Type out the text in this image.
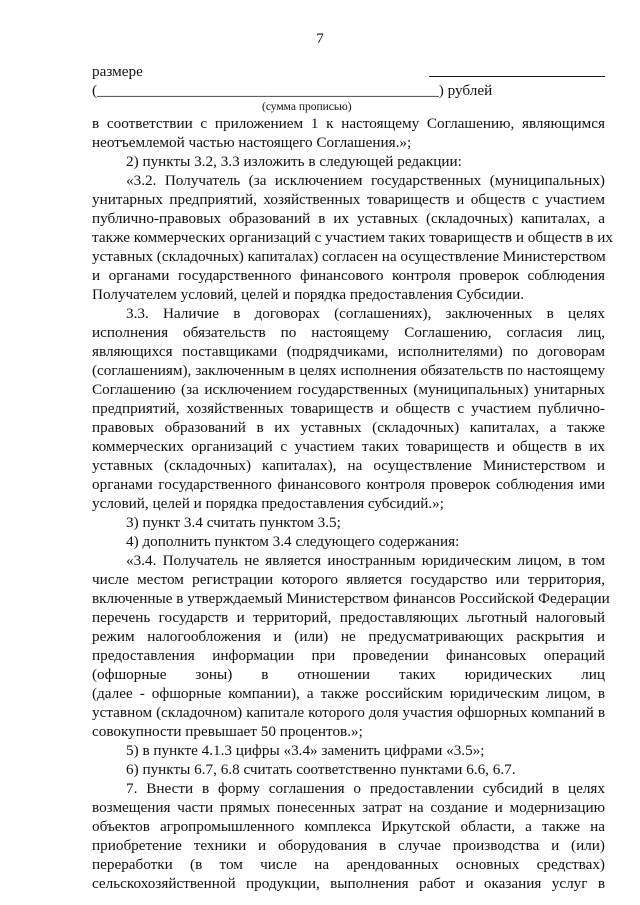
7
размере
(_____________________________________________) рублей
(сумма прописью)
в соответствии с приложением 1 к настоящему Соглашению, являющимся
неотъемлемой частью настоящего Соглашения.»;
2) пункты 3.2, 3.3 изложить в следующей редакции:
«3.2. Получатель (за исключением государственных (муниципальных)
унитарных предприятий, хозяйственных товариществ и обществ с участием
публично-правовых образований в их уставных (складочных) капиталах, а
также коммерческих организаций с участием таких товариществ и обществ в их
уставных (складочных) капиталах) согласен на осуществление Министерством
и органами государственного финансового контроля проверок соблюдения
Получателем условий, целей и порядка предоставления Субсидии.
3.3. Наличие в договорах (соглашениях), заключенных в целях
исполнения обязательств по настоящему Соглашению, согласия лиц,
являющихся поставщиками (подрядчиками, исполнителями) по договорам
(соглашениям), заключенным в целях исполнения обязательств по настоящему
Соглашению (за исключением государственных (муниципальных) унитарных
предприятий, хозяйственных товариществ и обществ с участием публично-
правовых образований в их уставных (складочных) капиталах, а также
коммерческих организаций с участием таких товариществ и обществ в их
уставных (складочных) капиталах), на осуществление Министерством и
органами государственного финансового контроля проверок соблюдения ими
условий, целей и порядка предоставления субсидий.»;
3) пункт 3.4 считать пунктом 3.5;
4) дополнить пунктом 3.4 следующего содержания:
«3.4. Получатель не является иностранным юридическим лицом, в том
числе местом регистрации которого является государство или территория,
включенные в утверждаемый Министерством финансов Российской Федерации
перечень государств и территорий, предоставляющих льготный налоговый
режим налогообложения и (или) не предусматривающих раскрытия и
предоставления информации при проведении финансовых операций
(офшорные зоны) в отношении таких юридических лиц
(далее - офшорные компании), а также российским юридическим лицом, в
уставном (складочном) капитале которого доля участия офшорных компаний в
совокупности превышает 50 процентов.»;
5) в пункте 4.1.3 цифры «3.4» заменить цифрами «3.5»;
6) пункты 6.7, 6.8 считать соответственно пунктами 6.6, 6.7.
7. Внести в форму соглашения о предоставлении субсидий в целях
возмещения части прямых понесенных затрат на создание и модернизацию
объектов агропромышленного комплекса Иркутской области, а также на
приобретение техники и оборудования в случае производства и (или)
переработки (в том числе на арендованных основных средствах)
сельскохозяйственной продукции, выполнения работ и оказания услуг в
